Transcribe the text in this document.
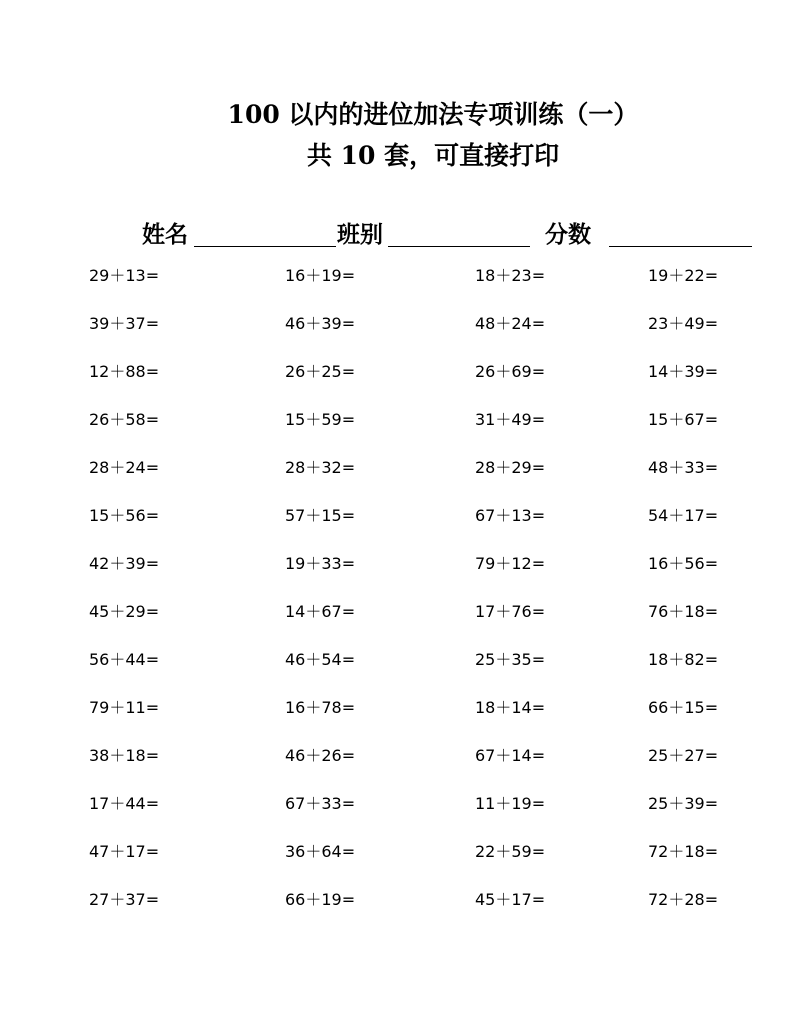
100 以内的进位加法专项训练（一）
共 10 套，可直接打印
姓名	班别	分数
29＋13=	16＋19=	18＋23=	19＋22=
39＋37=	46＋39=	48＋24=	23＋49=
12＋88=	26＋25=	26＋69=	14＋39=
26＋58=	15＋59=	31＋49=	15＋67=
28＋24=	28＋32=	28＋29=	48＋33=
15＋56=	57＋15=	67＋13=	54＋17=
42＋39=	19＋33=	79＋12=	16＋56=
45＋29=	14＋67=	17＋76=	76＋18=
56＋44=	46＋54=	25＋35=	18＋82=
79＋11=	16＋78=	18＋14=	66＋15=
38＋18=	46＋26=	67＋14=	25＋27=
17＋44=	67＋33=	11＋19=	25＋39=
47＋17=	36＋64=	22＋59=	72＋18=
27＋37=	66＋19=	45＋17=	72＋28=
